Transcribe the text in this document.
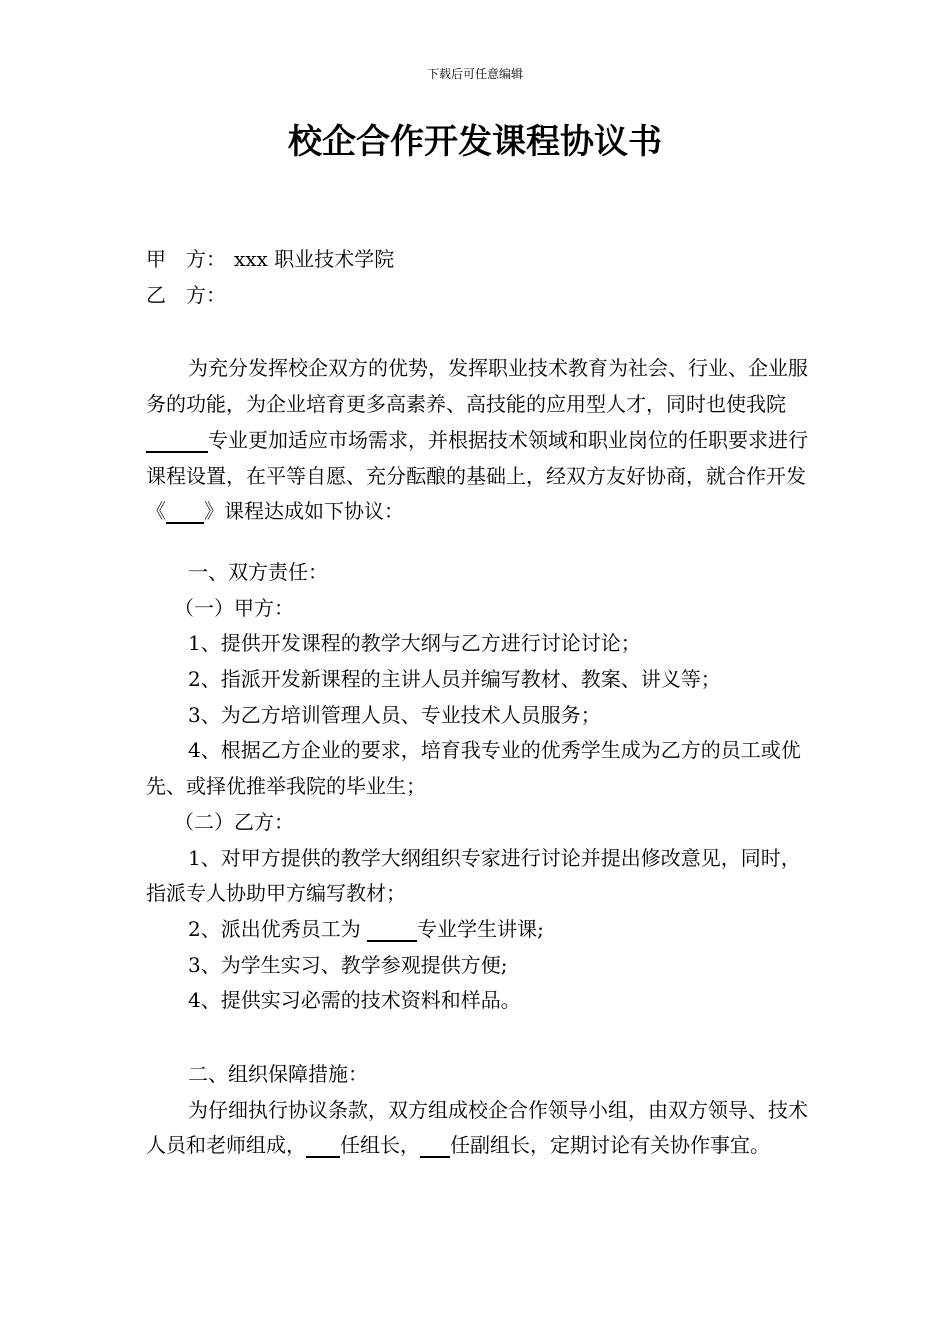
下载后可任意编辑
校企合作开发课程协议书

甲　方： xxx 职业技术学院

乙　方：

为充分发挥校企双方的优势，发挥职业技术教育为社会、行业、企业服务的功能，为企业培育更多高素养、高技能的应用型人才，同时也使我院 专业更加适应市场需求，并根据技术领域和职业岗位的任职要求进行课程设置，在平等自愿、充分酝酿的基础上，经双方友好协商，就合作开发《 》课程达成如下协议：

一、双方责任：

（一）甲方：

1、提供开发课程的教学大纲与乙方进行讨论讨论；

2、指派开发新课程的主讲人员并编写教材、教案、讲义等；

3、为乙方培训管理人员、专业技术人员服务；

4、根据乙方企业的要求，培育我专业的优秀学生成为乙方的员工或优先、或择优推举我院的毕业生；

（二）乙方：

1、对甲方提供的教学大纲组织专家进行讨论并提出修改意见，同时，指派专人协助甲方编写教材；

2、派出优秀员工为	专业学生讲课;

3、为学生实习、教学参观提供方便;

4、提供实习必需的技术资料和样品。

二、组织保障措施：

为仔细执行协议条款，双方组成校企合作领导小组，由双方领导、技术人员和老师组成， 任组长， 任副组长，定期讨论有关协作事宜。
